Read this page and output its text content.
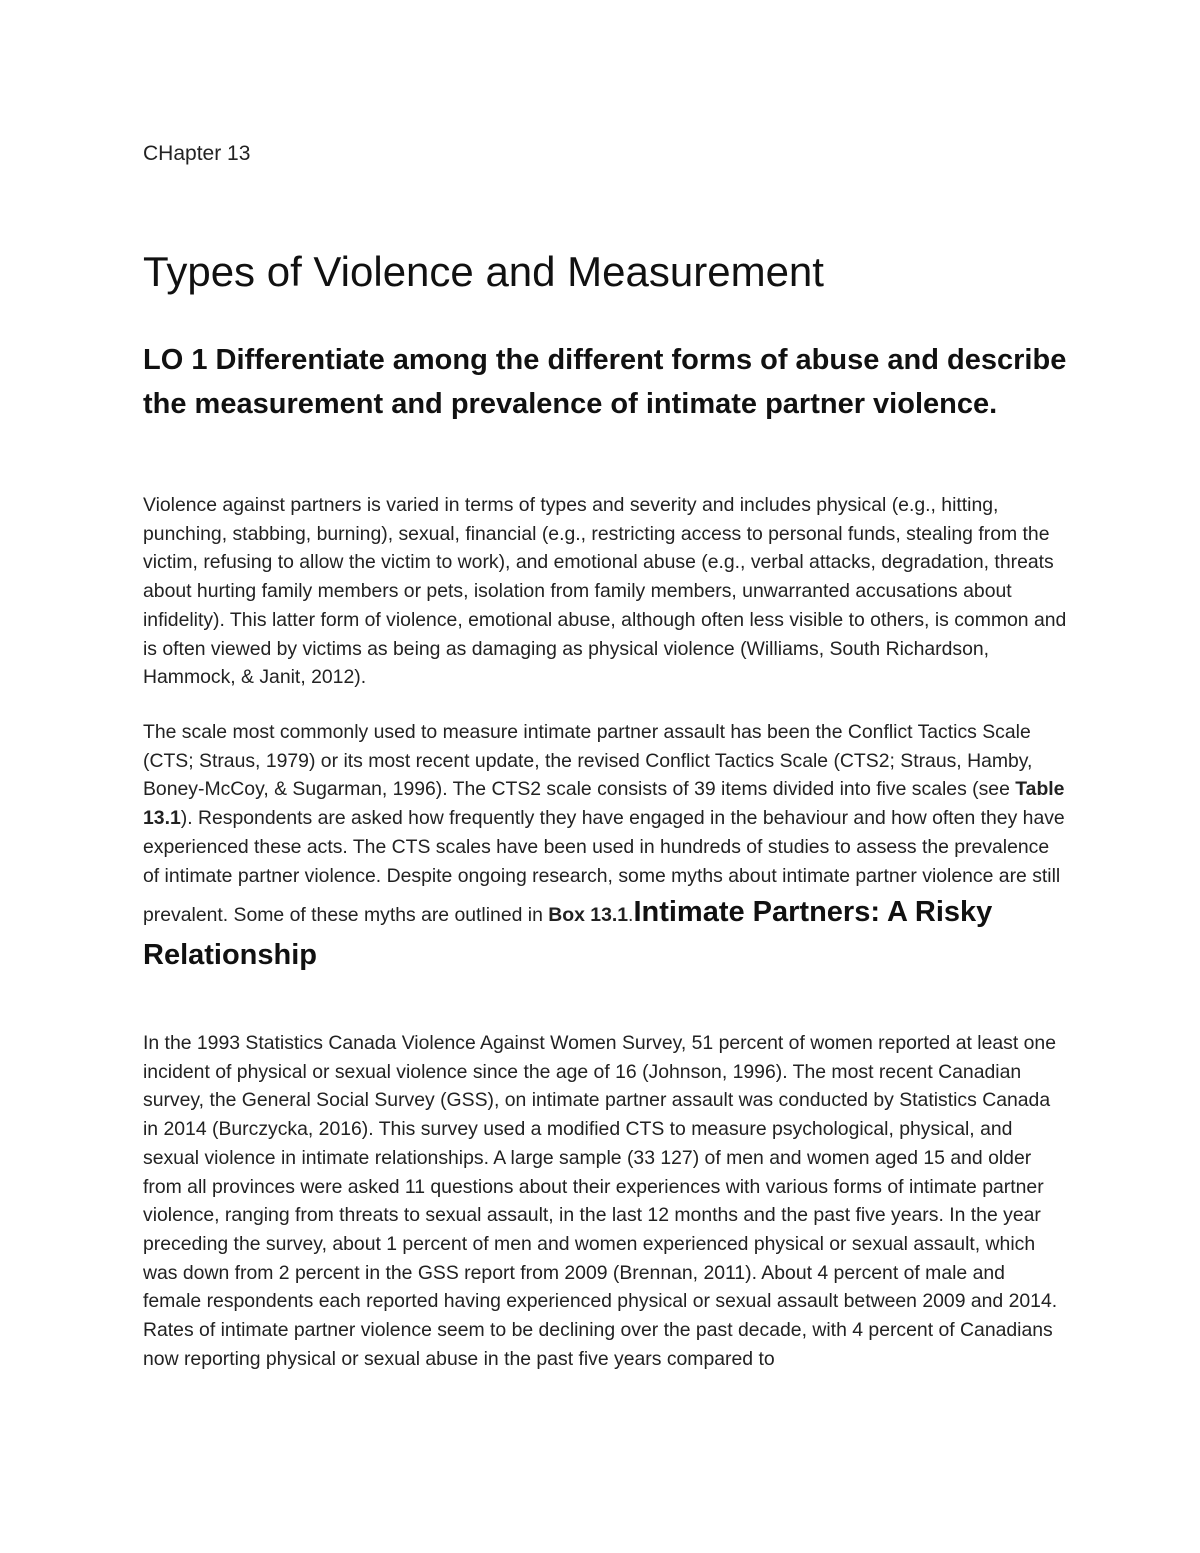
CHapter 13
Types of Violence and Measurement
LO 1 Differentiate among the different forms of abuse and describe the measurement and prevalence of intimate partner violence.

Violence against partners is varied in terms of types and severity and includes physical (e.g., hitting, punching, stabbing, burning), sexual, financial (e.g., restricting access to personal funds, stealing from the victim, refusing to allow the victim to work), and emotional abuse (e.g., verbal attacks, degradation, threats about hurting family members or pets, isolation from family members, unwarranted accusations about infidelity). This latter form of violence, emotional abuse, although often less visible to others, is common and is often viewed by victims as being as damaging as physical violence (Williams, South Richardson, Hammock, & Janit, 2012).

The scale most commonly used to measure intimate partner assault has been the Conflict Tactics Scale (CTS; Straus, 1979) or its most recent update, the revised Conflict Tactics Scale (CTS2; Straus, Hamby, Boney-McCoy, & Sugarman, 1996). The CTS2 scale consists of 39 items divided into five scales (see Table 13.1). Respondents are asked how frequently they have engaged in the behaviour and how often they have experienced these acts. The CTS scales have been used in hundreds of studies to assess the prevalence of intimate partner violence. Despite ongoing research, some myths about intimate partner violence are still
prevalent. Some of these myths are outlined in Box 13.1.Intimate Partners: A Risky Relationship

In the 1993 Statistics Canada Violence Against Women Survey, 51 percent of women reported at least one incident of physical or sexual violence since the age of 16 (Johnson, 1996). The most recent Canadian survey, the General Social Survey (GSS), on intimate partner assault was conducted by Statistics Canada in 2014 (Burczycka, 2016). This survey used a modified CTS to measure psychological, physical, and sexual violence in intimate relationships. A large sample (33 127) of men and women aged 15 and older from all provinces were asked 11 questions about their experiences with various forms of intimate partner violence, ranging from threats to sexual assault, in the last 12 months and the past five years. In the year preceding the survey, about 1 percent of men and women experienced physical or sexual assault, which was down from 2 percent in the GSS report from 2009 (Brennan, 2011). About 4 percent of male and female respondents each reported having experienced physical or sexual assault between 2009 and 2014. Rates of intimate partner violence seem to be declining over the past decade, with 4 percent of Canadians now reporting physical or sexual abuse in the past five years compared to
